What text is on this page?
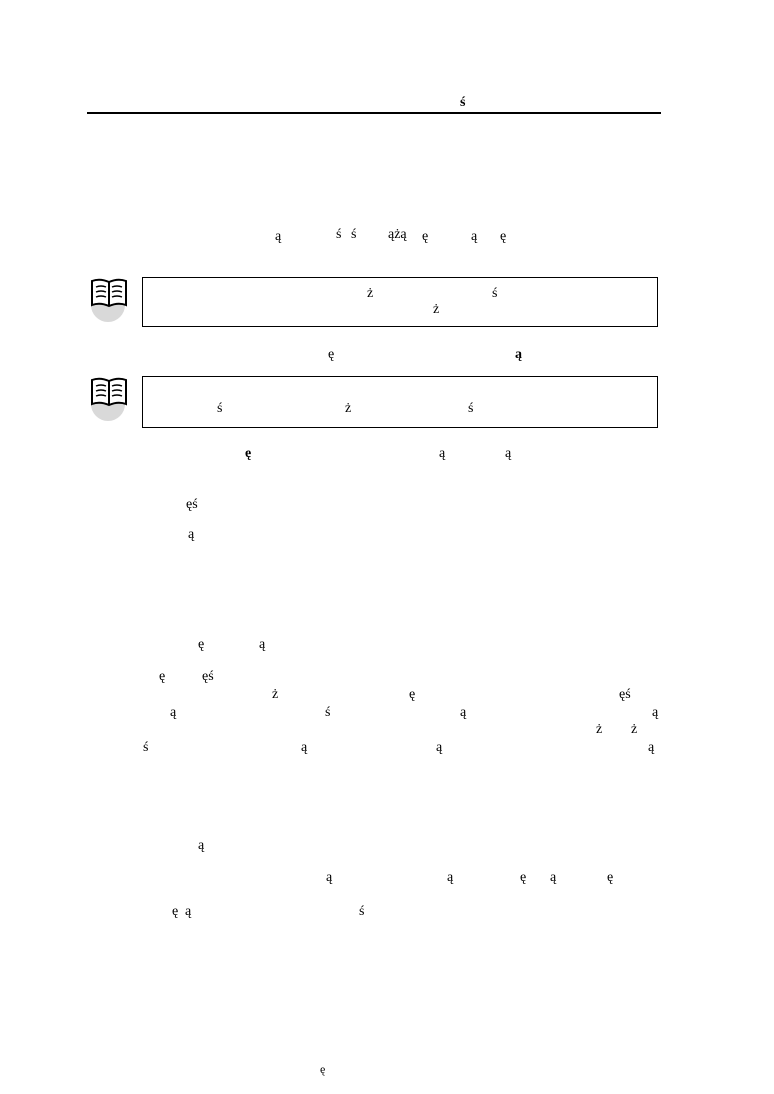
ś
ą	ś ś ążą ę	ą ę
ż	ś
ż
ę	ą
ś	ż	ś
ę	ą	ą
ęś
ą
ę	ą
ę	ęś
ż	ę	ęś
ą	ś	ą	ą
ż ż
ś	ą	ą	ą
ą
ą	ą	ę ą	ę
ę ą	ś
ę
